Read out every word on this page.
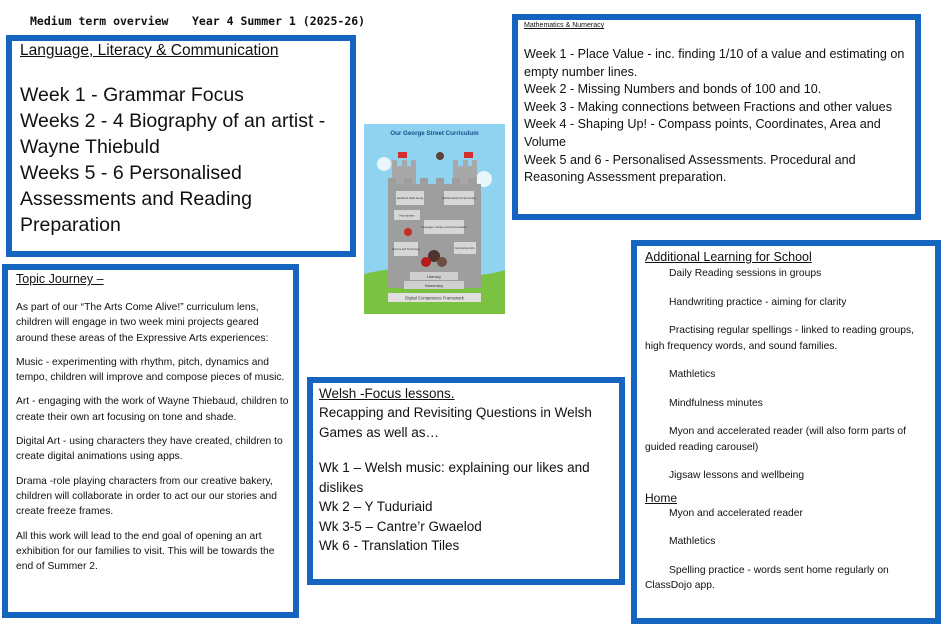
Medium term overview Year 4 Summer 1 (2025-26)

Language, Literacy & Communication

Week 1 - Grammar Focus

Weeks 2 - 4 Biography of an artist -

Wayne Thiebuld

Weeks 5 - 6 Personalised

Assessments and Reading

Preparation

Topic Journey –

As part of our “The Arts Come Alive!” curriculum lens, children will engage in two week mini projects geared around these areas of the Expressive Arts experiences:

Music - experimenting with rhythm, pitch, dynamics and tempo, children will improve and compose pieces of music.

Art - engaging with the work of Wayne Thiebaud, children to create their own art focusing on tone and shade.

Digital Art - using characters they have created, children to create digital animations using apps.

Drama -role playing characters from our creative bakery, children will collaborate in order to act our our stories and create freeze frames.

All this work will lead to the end goal of opening an art exhibition for our families to visit. This will be towards the end of Summer 2.

Mathematics & Numeracy

Week 1 - Place Value - inc. finding 1/10 of a value and estimating on empty number lines.

Week 2 - Missing Numbers and bonds of 100 and 10.

Week 3 - Making connections between Fractions and other values

Week 4 - Shaping Up! - Compass points, Coordinates, Area and Volume

Week 5 and 6 - Personalised Assessments. Procedural and Reasoning Assessment preparation.

Welsh -Focus lessons.

Recapping and Revisiting Questions in Welsh Games as well as…

Wk 1 – Welsh music: explaining our likes and dislikes

Wk 2 – Y Tuduriaid

Wk 3-5 – Cantre’r Gwaelod

Wk 6 - Translation Tiles

Additional Learning for School

Daily Reading sessions in groups

Handwriting practice - aiming for clarity

Practising regular spellings - linked to reading groups, high frequency words, and sound families.

Mathletics

Mindfulness minutes

Myon and accelerated reader (will also form parts of guided reading carousel)

Jigsaw lessons and wellbeing

Home

Myon and accelerated reader

Mathletics

Spelling practice - words sent home regularly on ClassDojo app.

Our George Street Curriculum
Health & Well-being	Mathematics & Numeracy
Humanities
Languages, Literacy and Communication
Science and Technology	Expressive Arts
Literacy
Numeracy
Digital Competence Framework
